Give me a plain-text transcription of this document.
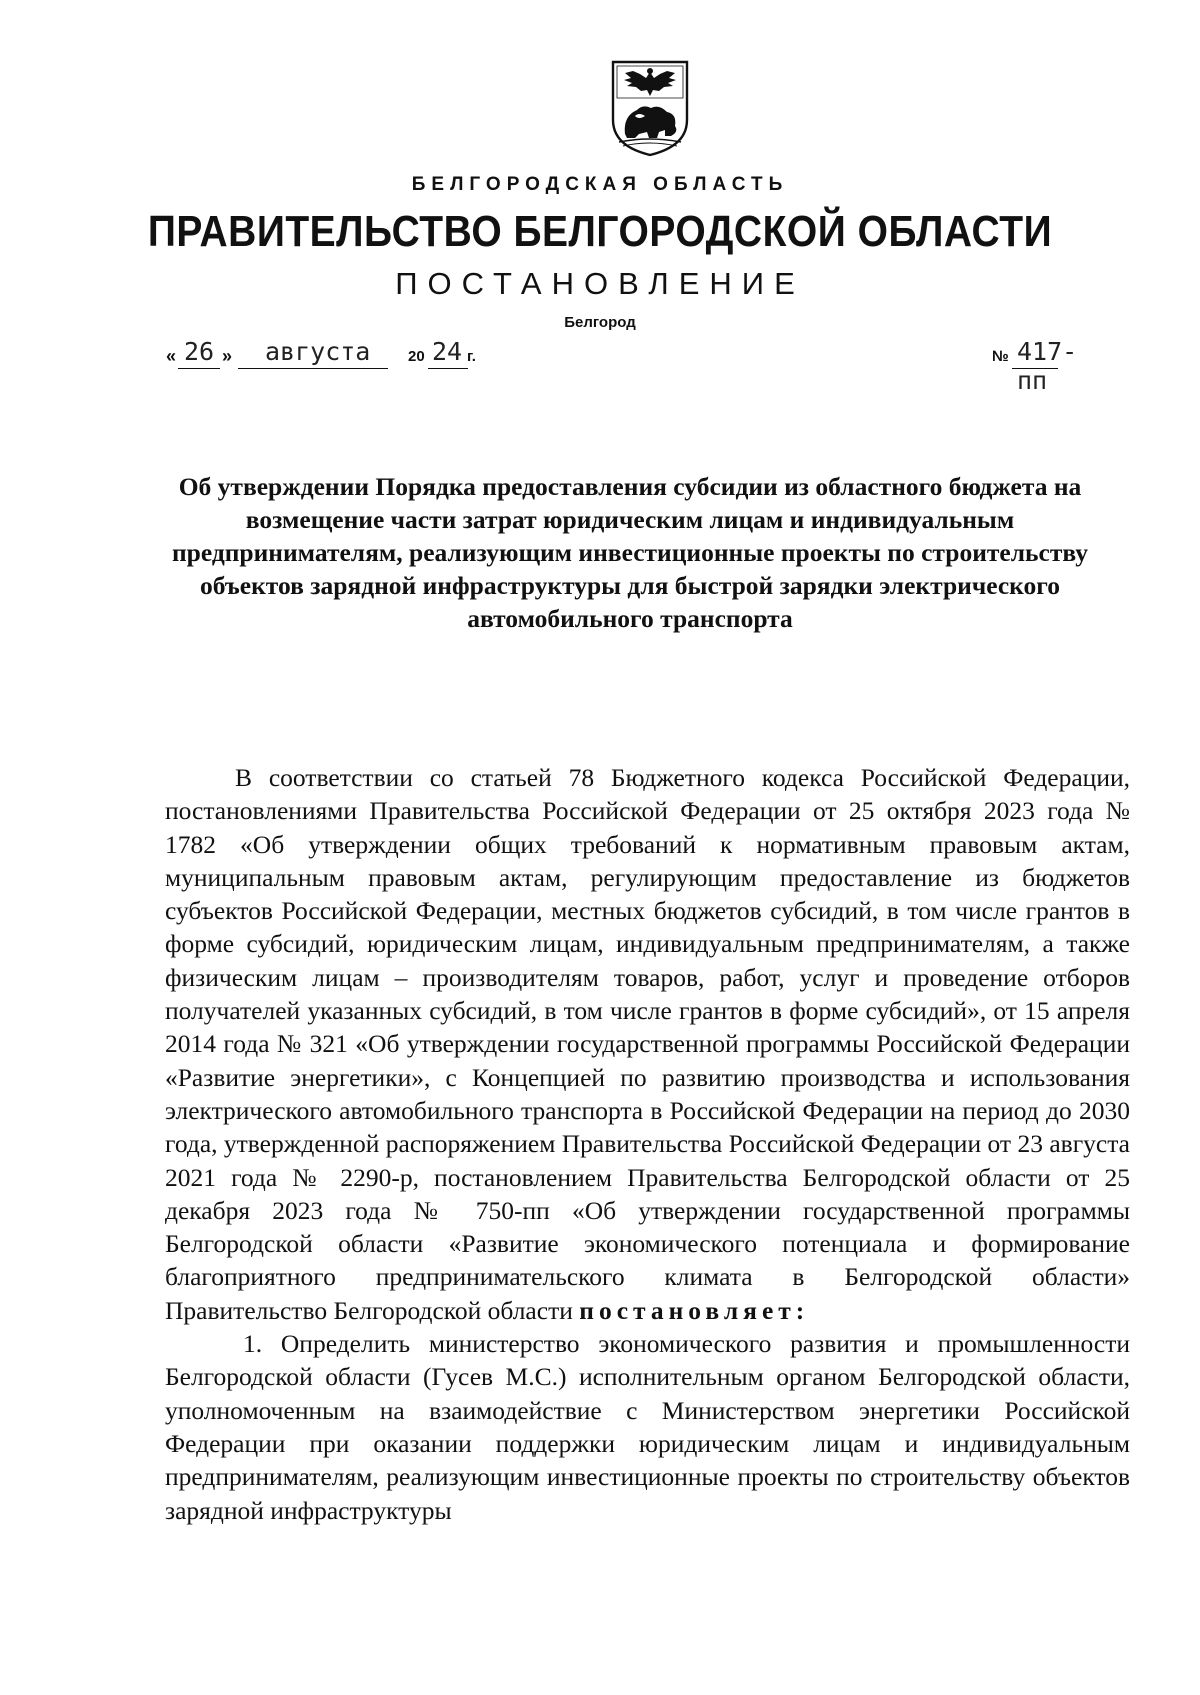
БЕЛГОРОДСКАЯ ОБЛАСТЬ
ПРАВИТЕЛЬСТВО БЕЛГОРОДСКОЙ ОБЛАСТИ
ПОСТАНОВЛЕНИЕ
Белгород
« 26 » августа	20 24 г.	№ 417-пп
Об утверждении Порядка предоставления субсидии из областного бюджета на возмещение части затрат юридическим лицам и индивидуальным предпринимателям, реализующим инвестиционные проекты по строительству объектов зарядной инфраструктуры для быстрой зарядки электрического автомобильного транспорта

В соответствии со статьей 78 Бюджетного кодекса Российской Федерации, постановлениями Правительства Российской Федерации от 25 октября 2023 года № 1782 «Об утверждении общих требований к нормативным правовым актам, муниципальным правовым актам, регулирующим предоставление из бюджетов субъектов Российской Федерации, местных бюджетов субсидий, в том числе грантов в форме субсидий, юридическим лицам, индивидуальным предпринимателям, а также физическим лицам – производителям товаров, работ, услуг и проведение отборов получателей указанных субсидий, в том числе грантов в форме субсидий», от 15 апреля 2014 года № 321 «Об утверждении государственной программы Российской Федерации «Развитие энергетики», с Концепцией по развитию производства и использования электрического автомобильного транспорта в Российской Федерации на период до 2030 года, утвержденной распоряжением Правительства Российской Федерации от 23 августа 2021 года № 2290-р, постановлением Правительства Белгородской области от 25 декабря 2023 года № 750-пп «Об утверждении государственной программы Белгородской области «Развитие экономического потенциала и формирование благоприятного предпринимательского климата в Белгородской области» Правительство Белгородской области постановляет:

1. Определить министерство экономического развития и промышленности Белгородской области (Гусев М.С.) исполнительным органом Белгородской области, уполномоченным на взаимодействие с Министерством энергетики Российской Федерации при оказании поддержки юридическим лицам и индивидуальным предпринимателям, реализующим инвестиционные проекты по строительству объектов зарядной инфраструктуры
